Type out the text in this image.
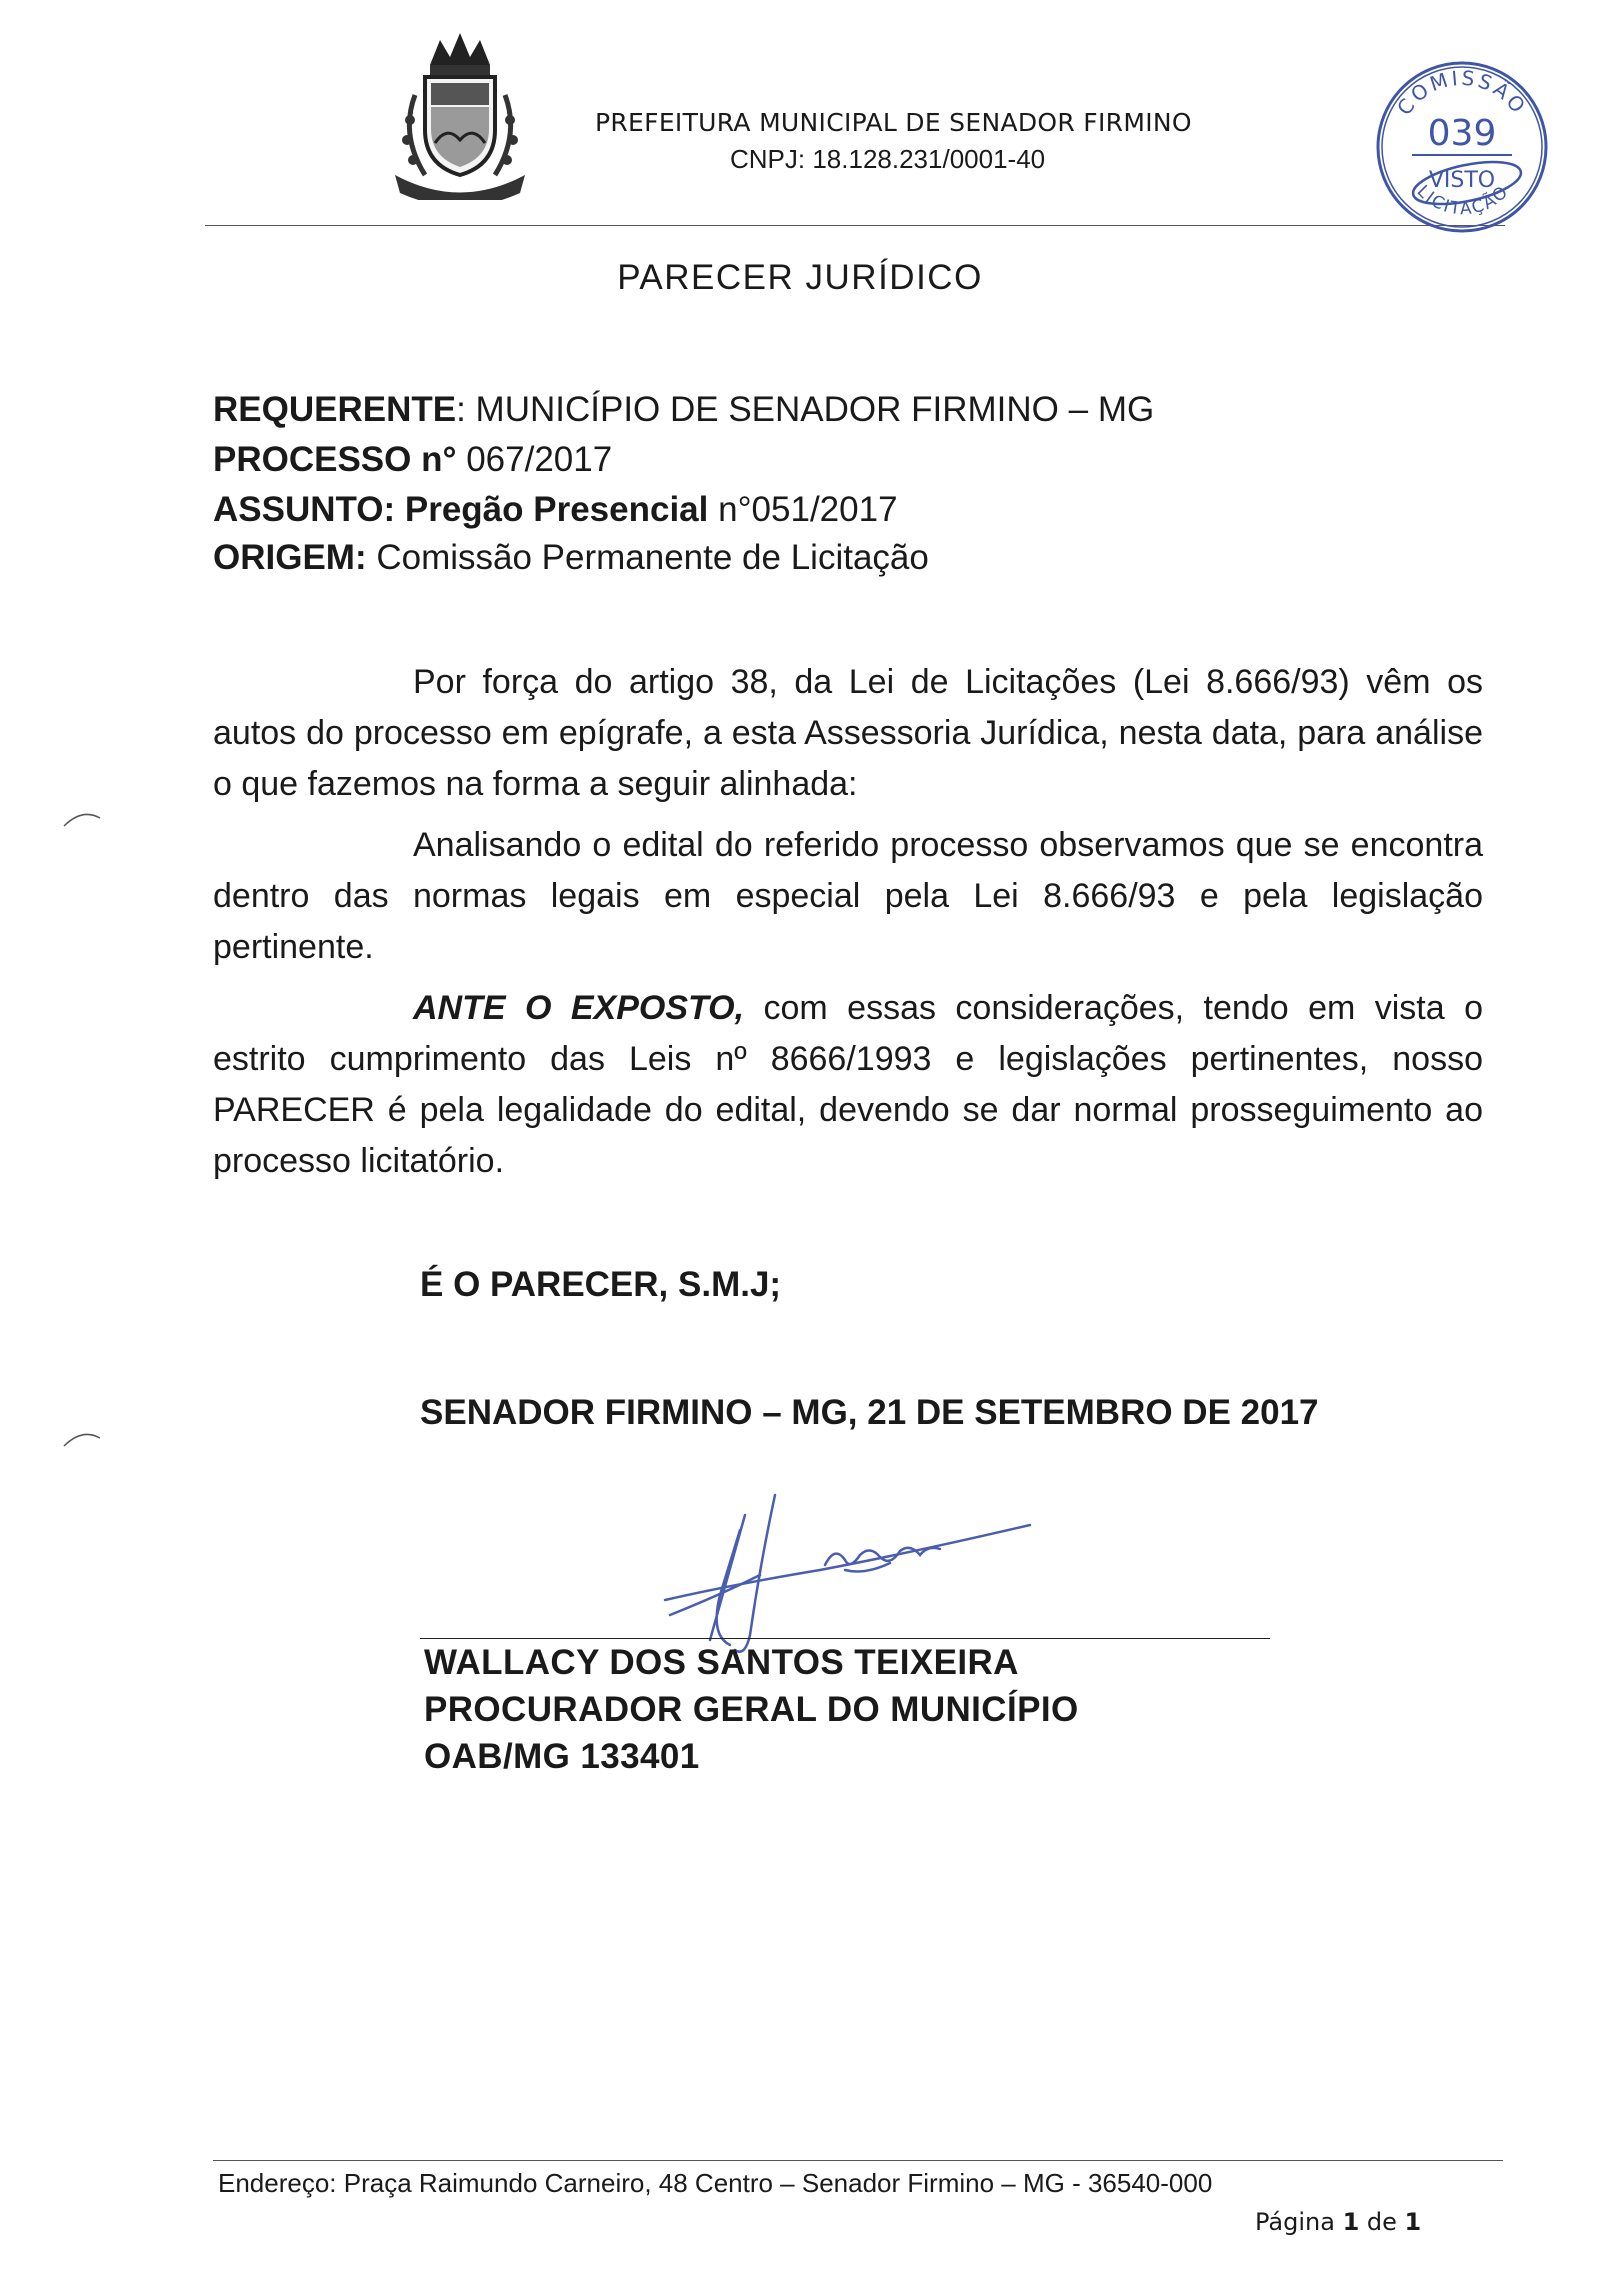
PREFEITURA MUNICIPAL DE SENADOR FIRMINO
CNPJ: 18.128.231/0001-40
COMISSÃO
039
VISTO
LICITAÇÃO
PARECER JURÍDICO
REQUERENTE: MUNICÍPIO DE SENADOR FIRMINO – MG
PROCESSO n° 067/2017
ASSUNTO: Pregão Presencial n°051/2017
ORIGEM: Comissão Permanente de Licitação
Por força do artigo 38, da Lei de Licitações (Lei 8.666/93) vêm os autos do processo em epígrafe, a esta Assessoria Jurídica, nesta data, para análise o que fazemos na forma a seguir alinhada:
Analisando o edital do referido processo observamos que se encontra dentro das normas legais em especial pela Lei 8.666/93 e pela legislação pertinente.
ANTE O EXPOSTO, com essas considerações, tendo em vista o estrito cumprimento das Leis nº 8666/1993 e legislações pertinentes, nosso PARECER é pela legalidade do edital, devendo se dar normal prosseguimento ao processo licitatório.
É O PARECER, S.M.J;
SENADOR FIRMINO – MG, 21 DE SETEMBRO DE 2017
WALLACY DOS SANTOS TEIXEIRA
PROCURADOR GERAL DO MUNICÍPIO
OAB/MG 133401
Endereço: Praça Raimundo Carneiro, 48 Centro – Senador Firmino – MG - 36540-000
Página 1 de 1
